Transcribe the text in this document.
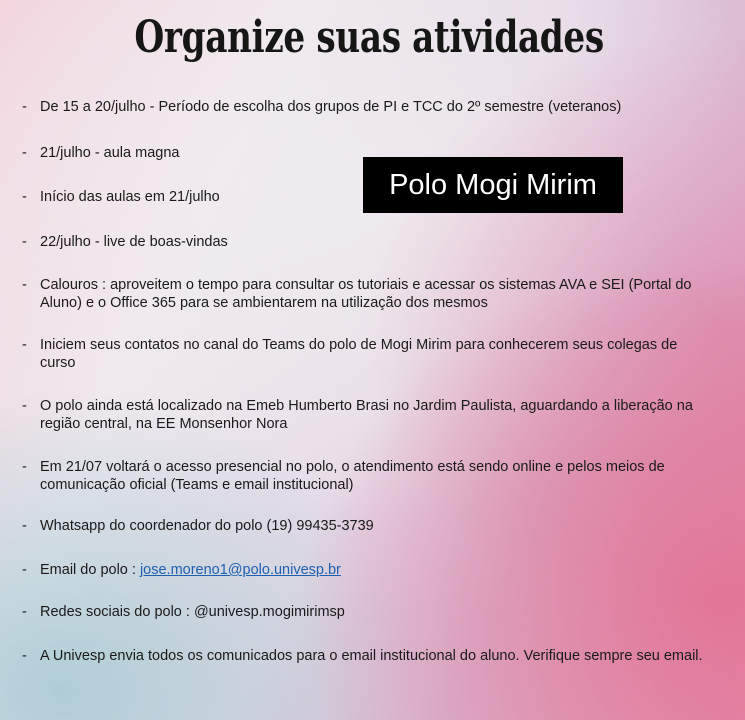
Organize suas atividades
Polo Mogi Mirim
- De 15 a 20/julho - Período de escolha dos grupos de PI e TCC do 2º semestre (veteranos)
- 21/julho - aula magna
- Início das aulas em 21/julho
- 22/julho - live de boas-vindas
- Calouros : aproveitem o tempo para consultar os tutoriais e acessar os sistemas AVA e SEI (Portal do Aluno) e o Office 365 para se ambientarem na utilização dos mesmos
- Iniciem seus contatos no canal do Teams do polo de Mogi Mirim para conhecerem seus colegas de curso
- O polo ainda está localizado na Emeb Humberto Brasi no Jardim Paulista, aguardando a liberação na região central, na EE Monsenhor Nora
- Em 21/07 voltará o acesso presencial no polo, o atendimento está sendo online e pelos meios de comunicação oficial (Teams e email institucional)
- Whatsapp do coordenador do polo (19) 99435-3739
- Email do polo : jose.moreno1@polo.univesp.br
- Redes sociais do polo : @univesp.mogimirimsp
- A Univesp envia todos os comunicados para o email institucional do aluno. Verifique sempre seu email.
